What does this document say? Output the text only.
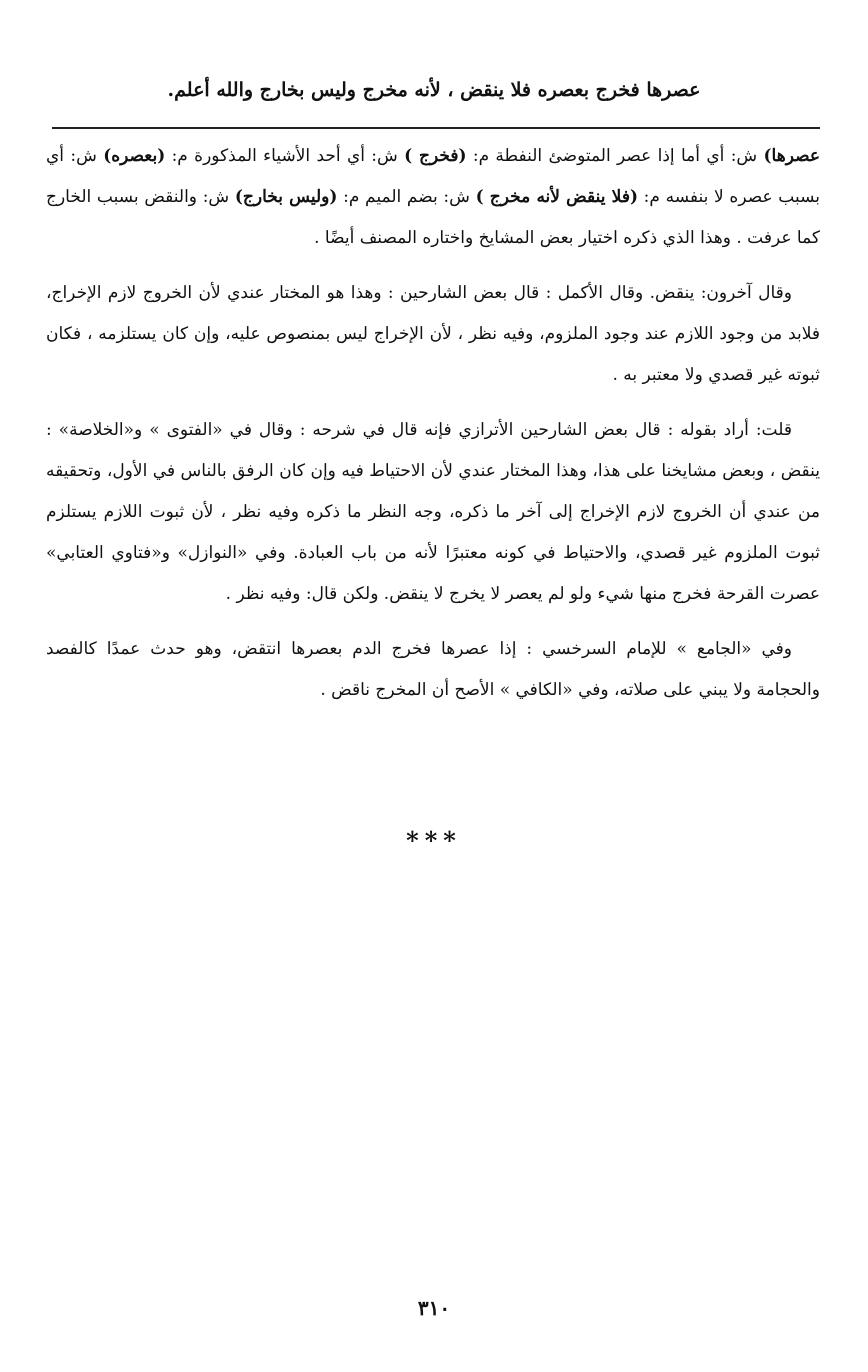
عصرها فخرج بعصره فلا ينقض ، لأنه مخرج وليس بخارج والله أعلم.

عصرها) ش: أي أما إذا عصر المتوضئ النفطة م: (فخرج ) ش: أي أحد الأشياء المذكورة م: (بعصره) ش: أي بسبب عصره لا بنفسه م: (فلا ينقض لأنه مخرج ) ش: بضم الميم م: (وليس بخارج) ش: والنقض بسبب الخارج كما عرفت . وهذا الذي ذكره اختيار بعض المشايخ واختاره المصنف أيضًا .

وقال آخرون: ينقض. وقال الأكمل : قال بعض الشارحين : وهذا هو المختار عندي لأن الخروج لازم الإخراج، فلابد من وجود اللازم عند وجود الملزوم، وفيه نظر ، لأن الإخراج ليس بمنصوص عليه، وإن كان يستلزمه ، فكان ثبوته غير قصدي ولا معتبر به .

قلت: أراد بقوله : قال بعض الشارحين الأترازي فإنه قال في شرحه : وقال في «الفتوى » و«الخلاصة» : ينقض ، وبعض مشايخنا على هذا، وهذا المختار عندي لأن الاحتياط فيه وإن كان الرفق بالناس في الأول، وتحقيقه من عندي أن الخروج لازم الإخراج إلى آخر ما ذكره، وجه النظر ما ذكره وفيه نظر ، لأن ثبوت اللازم يستلزم ثبوت الملزوم غير قصدي، والاحتياط في كونه معتبرًا لأنه من باب العبادة. وفي «النوازل» و«فتاوي العتابي» عصرت القرحة فخرج منها شيء ولو لم يعصر لا يخرج لا ينقض. ولكن قال: وفيه نظر .

وفي «الجامع » للإمام السرخسي : إذا عصرها فخرج الدم بعصرها انتقض، وهو حدث عمدًا كالفصد والحجامة ولا يبني على صلاته، وفي «الكافي » الأصح أن المخرج ناقض .

***
٣١٠
